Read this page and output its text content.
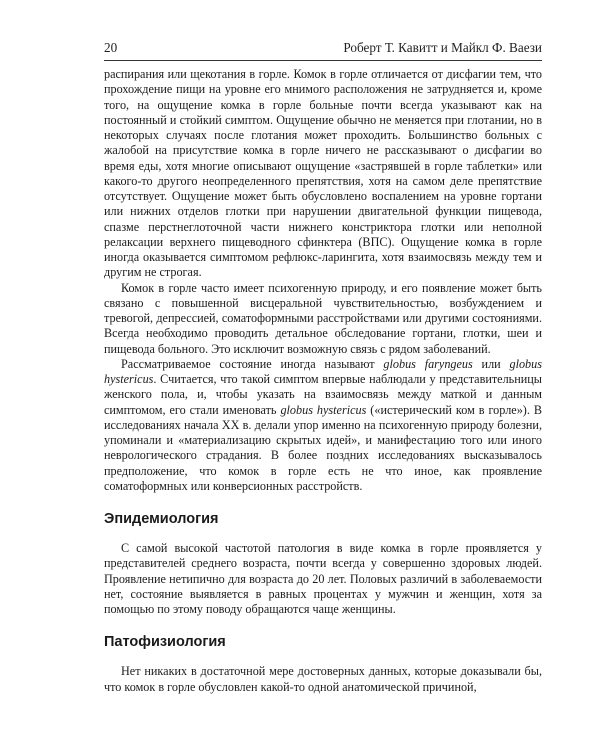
20	Роберт Т. Кавитт и Майкл Ф. Ваези

распирания или щекотания в горле. Комок в горле отличается от дисфагии тем, что прохождение пищи на уровне его мнимого расположения не затрудняется и, кроме того, на ощущение комка в горле больные почти всегда указывают как на постоянный и стойкий симптом. Ощущение обычно не меняется при глотании, но в некоторых случаях после глотания может проходить. Большинство больных с жалобой на присутствие комка в горле ничего не рассказывают о дисфагии во время еды, хотя многие описывают ощущение «застрявшей в горле таблетки» или какого-то другого неопределенного препятствия, хотя на самом деле препятствие отсутствует. Ощущение может быть обусловлено воспалением на уровне гортани или нижних отделов глотки при нарушении двигательной функции пищевода, спазме перстнеглоточной части нижнего констриктора глотки или неполной релаксации верхнего пищеводного сфинктера (ВПС). Ощущение комка в горле иногда оказывается симптомом рефлюкс-ларингита, хотя взаимосвязь между тем и другим не строгая.

Комок в горле часто имеет психогенную природу, и его появление может быть связано с повышенной висцеральной чувствительностью, возбуждением и тревогой, депрессией, соматоформными расстройствами или другими состояниями. Всегда необходимо проводить детальное обследование гортани, глотки, шеи и пищевода больного. Это исключит возможную связь с рядом заболеваний.

Рассматриваемое состояние иногда называют globus faryngeus или globus hystericus. Считается, что такой симптом впервые наблюдали у представительницы женского пола, и, чтобы указать на взаимосвязь между маткой и данным симптомом, его стали именовать globus hystericus («истерический ком в горле»). В исследованиях начала XX в. делали упор именно на психогенную природу болезни, упоминали и «материализацию скрытых идей», и манифестацию того или иного неврологического страдания. В более поздних исследованиях высказывалось предположение, что комок в горле есть не что иное, как проявление соматоформных или конверсионных расстройств.

Эпидемиология

С самой высокой частотой патология в виде комка в горле проявляется у представителей среднего возраста, почти всегда у совершенно здоровых людей. Проявление нетипично для возраста до 20 лет. Половых различий в заболеваемости нет, состояние выявляется в равных процентах у мужчин и женщин, хотя за помощью по этому поводу обращаются чаще женщины.

Патофизиология

Нет никаких в достаточной мере достоверных данных, которые доказывали бы, что комок в горле обусловлен какой-то одной анатомической причиной,
